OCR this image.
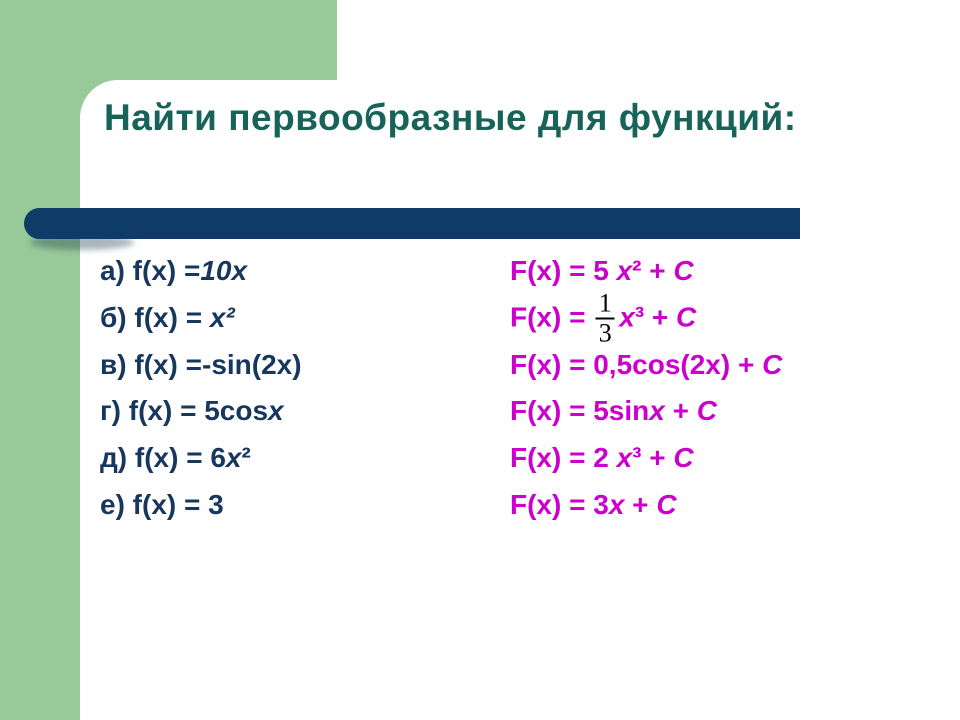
Найти первообразные для функций:
а) f(x) =10x	F(x) = 5 x² + C
б) f(x) = x²	$F(x) = \frac{1}{3} x^3 + C$
в) f(x) =-sin(2x)	F(x) = 0,5cos(2x) + C
г) f(x) = 5cosx	F(x) = 5sinx + C
д) f(x) = 6x²	F(x) = 2 x³ + C
е) f(x) = 3	F(x) = 3x + C
